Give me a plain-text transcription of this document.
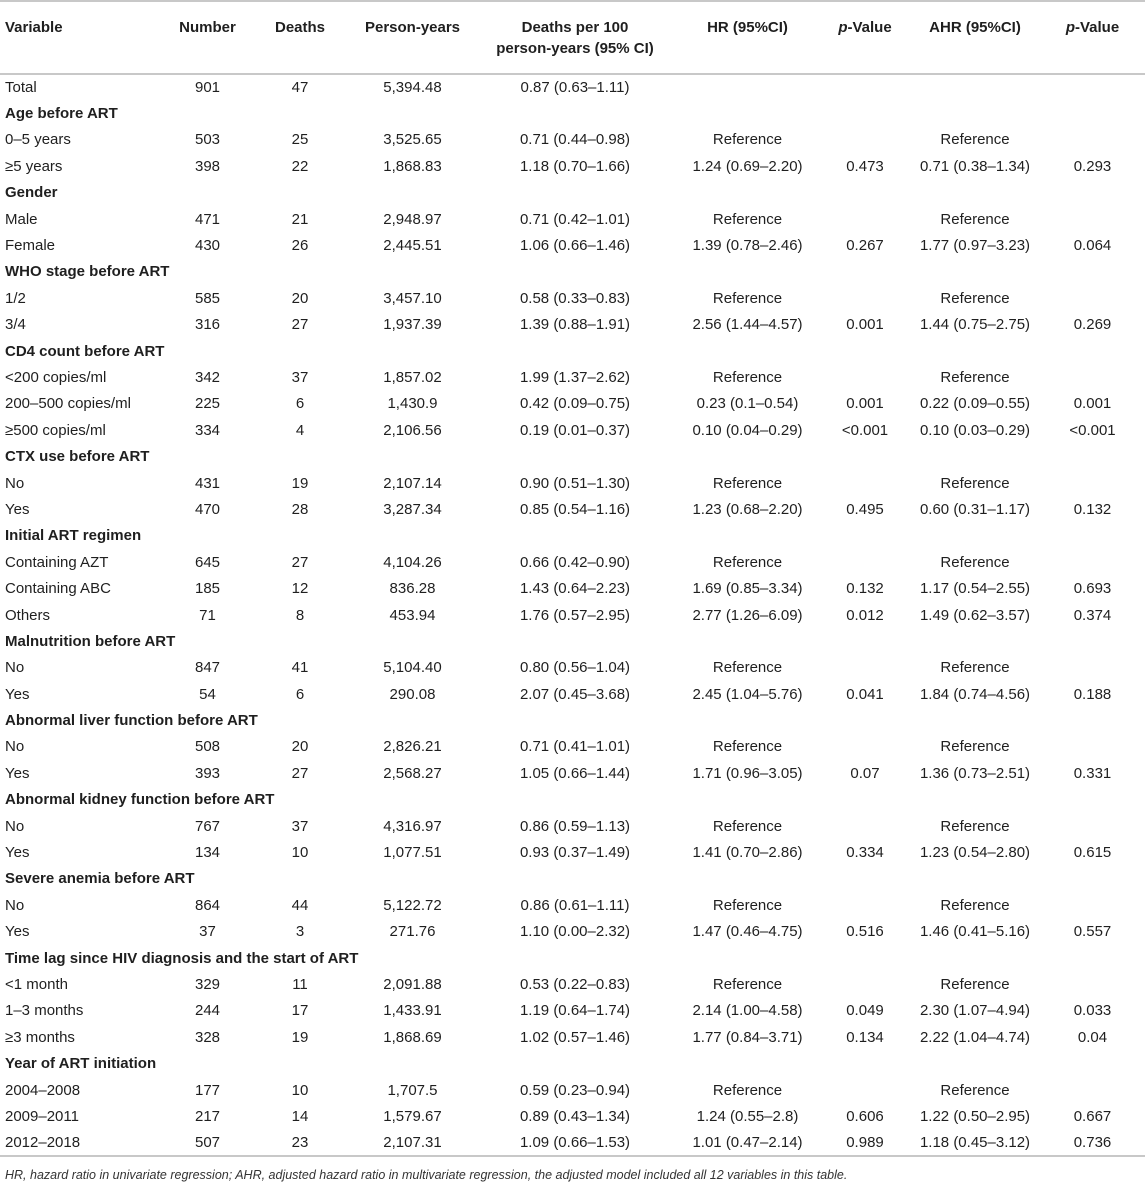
Variable	Number	Deaths	Person-years	Deaths per 100
person-years (95% CI)	HR (95%CI)	p-Value	AHR (95%CI)	p-Value
Total	901	47	5,394.48	0.87 (0.63–1.11)				
Age before ART								
0–5 years	503	25	3,525.65	0.71 (0.44–0.98)	Reference		Reference	
≥5 years	398	22	1,868.83	1.18 (0.70–1.66)	1.24 (0.69–2.20)	0.473	0.71 (0.38–1.34)	0.293
Gender								
Male	471	21	2,948.97	0.71 (0.42–1.01)	Reference		Reference	
Female	430	26	2,445.51	1.06 (0.66–1.46)	1.39 (0.78–2.46)	0.267	1.77 (0.97–3.23)	0.064
WHO stage before ART								
1/2	585	20	3,457.10	0.58 (0.33–0.83)	Reference		Reference	
3/4	316	27	1,937.39	1.39 (0.88–1.91)	2.56 (1.44–4.57)	0.001	1.44 (0.75–2.75)	0.269
CD4 count before ART								
<200 copies/ml	342	37	1,857.02	1.99 (1.37–2.62)	Reference		Reference	
200–500 copies/ml	225	6	1,430.9	0.42 (0.09–0.75)	0.23 (0.1–0.54)	0.001	0.22 (0.09–0.55)	0.001
≥500 copies/ml	334	4	2,106.56	0.19 (0.01–0.37)	0.10 (0.04–0.29)	<0.001	0.10 (0.03–0.29)	<0.001
CTX use before ART								
No	431	19	2,107.14	0.90 (0.51–1.30)	Reference		Reference	
Yes	470	28	3,287.34	0.85 (0.54–1.16)	1.23 (0.68–2.20)	0.495	0.60 (0.31–1.17)	0.132
Initial ART regimen								
Containing AZT	645	27	4,104.26	0.66 (0.42–0.90)	Reference		Reference	
Containing ABC	185	12	836.28	1.43 (0.64–2.23)	1.69 (0.85–3.34)	0.132	1.17 (0.54–2.55)	0.693
Others	71	8	453.94	1.76 (0.57–2.95)	2.77 (1.26–6.09)	0.012	1.49 (0.62–3.57)	0.374
Malnutrition before ART								
No	847	41	5,104.40	0.80 (0.56–1.04)	Reference		Reference	
Yes	54	6	290.08	2.07 (0.45–3.68)	2.45 (1.04–5.76)	0.041	1.84 (0.74–4.56)	0.188
Abnormal liver function before ART								
No	508	20	2,826.21	0.71 (0.41–1.01)	Reference		Reference	
Yes	393	27	2,568.27	1.05 (0.66–1.44)	1.71 (0.96–3.05)	0.07	1.36 (0.73–2.51)	0.331
Abnormal kidney function before ART								
No	767	37	4,316.97	0.86 (0.59–1.13)	Reference		Reference	
Yes	134	10	1,077.51	0.93 (0.37–1.49)	1.41 (0.70–2.86)	0.334	1.23 (0.54–2.80)	0.615
Severe anemia before ART								
No	864	44	5,122.72	0.86 (0.61–1.11)	Reference		Reference	
Yes	37	3	271.76	1.10 (0.00–2.32)	1.47 (0.46–4.75)	0.516	1.46 (0.41–5.16)	0.557
Time lag since HIV diagnosis and the start of ART								
<1 month	329	11	2,091.88	0.53 (0.22–0.83)	Reference		Reference	
1–3 months	244	17	1,433.91	1.19 (0.64–1.74)	2.14 (1.00–4.58)	0.049	2.30 (1.07–4.94)	0.033
≥3 months	328	19	1,868.69	1.02 (0.57–1.46)	1.77 (0.84–3.71)	0.134	2.22 (1.04–4.74)	0.04
Year of ART initiation								
2004–2008	177	10	1,707.5	0.59 (0.23–0.94)	Reference		Reference	
2009–2011	217	14	1,579.67	0.89 (0.43–1.34)	1.24 (0.55–2.8)	0.606	1.22 (0.50–2.95)	0.667
2012–2018	507	23	2,107.31	1.09 (0.66–1.53)	1.01 (0.47–2.14)	0.989	1.18 (0.45–3.12)	0.736
HR, hazard ratio in univariate regression; AHR, adjusted hazard ratio in multivariate regression, the adjusted model included all 12 variables in this table.
